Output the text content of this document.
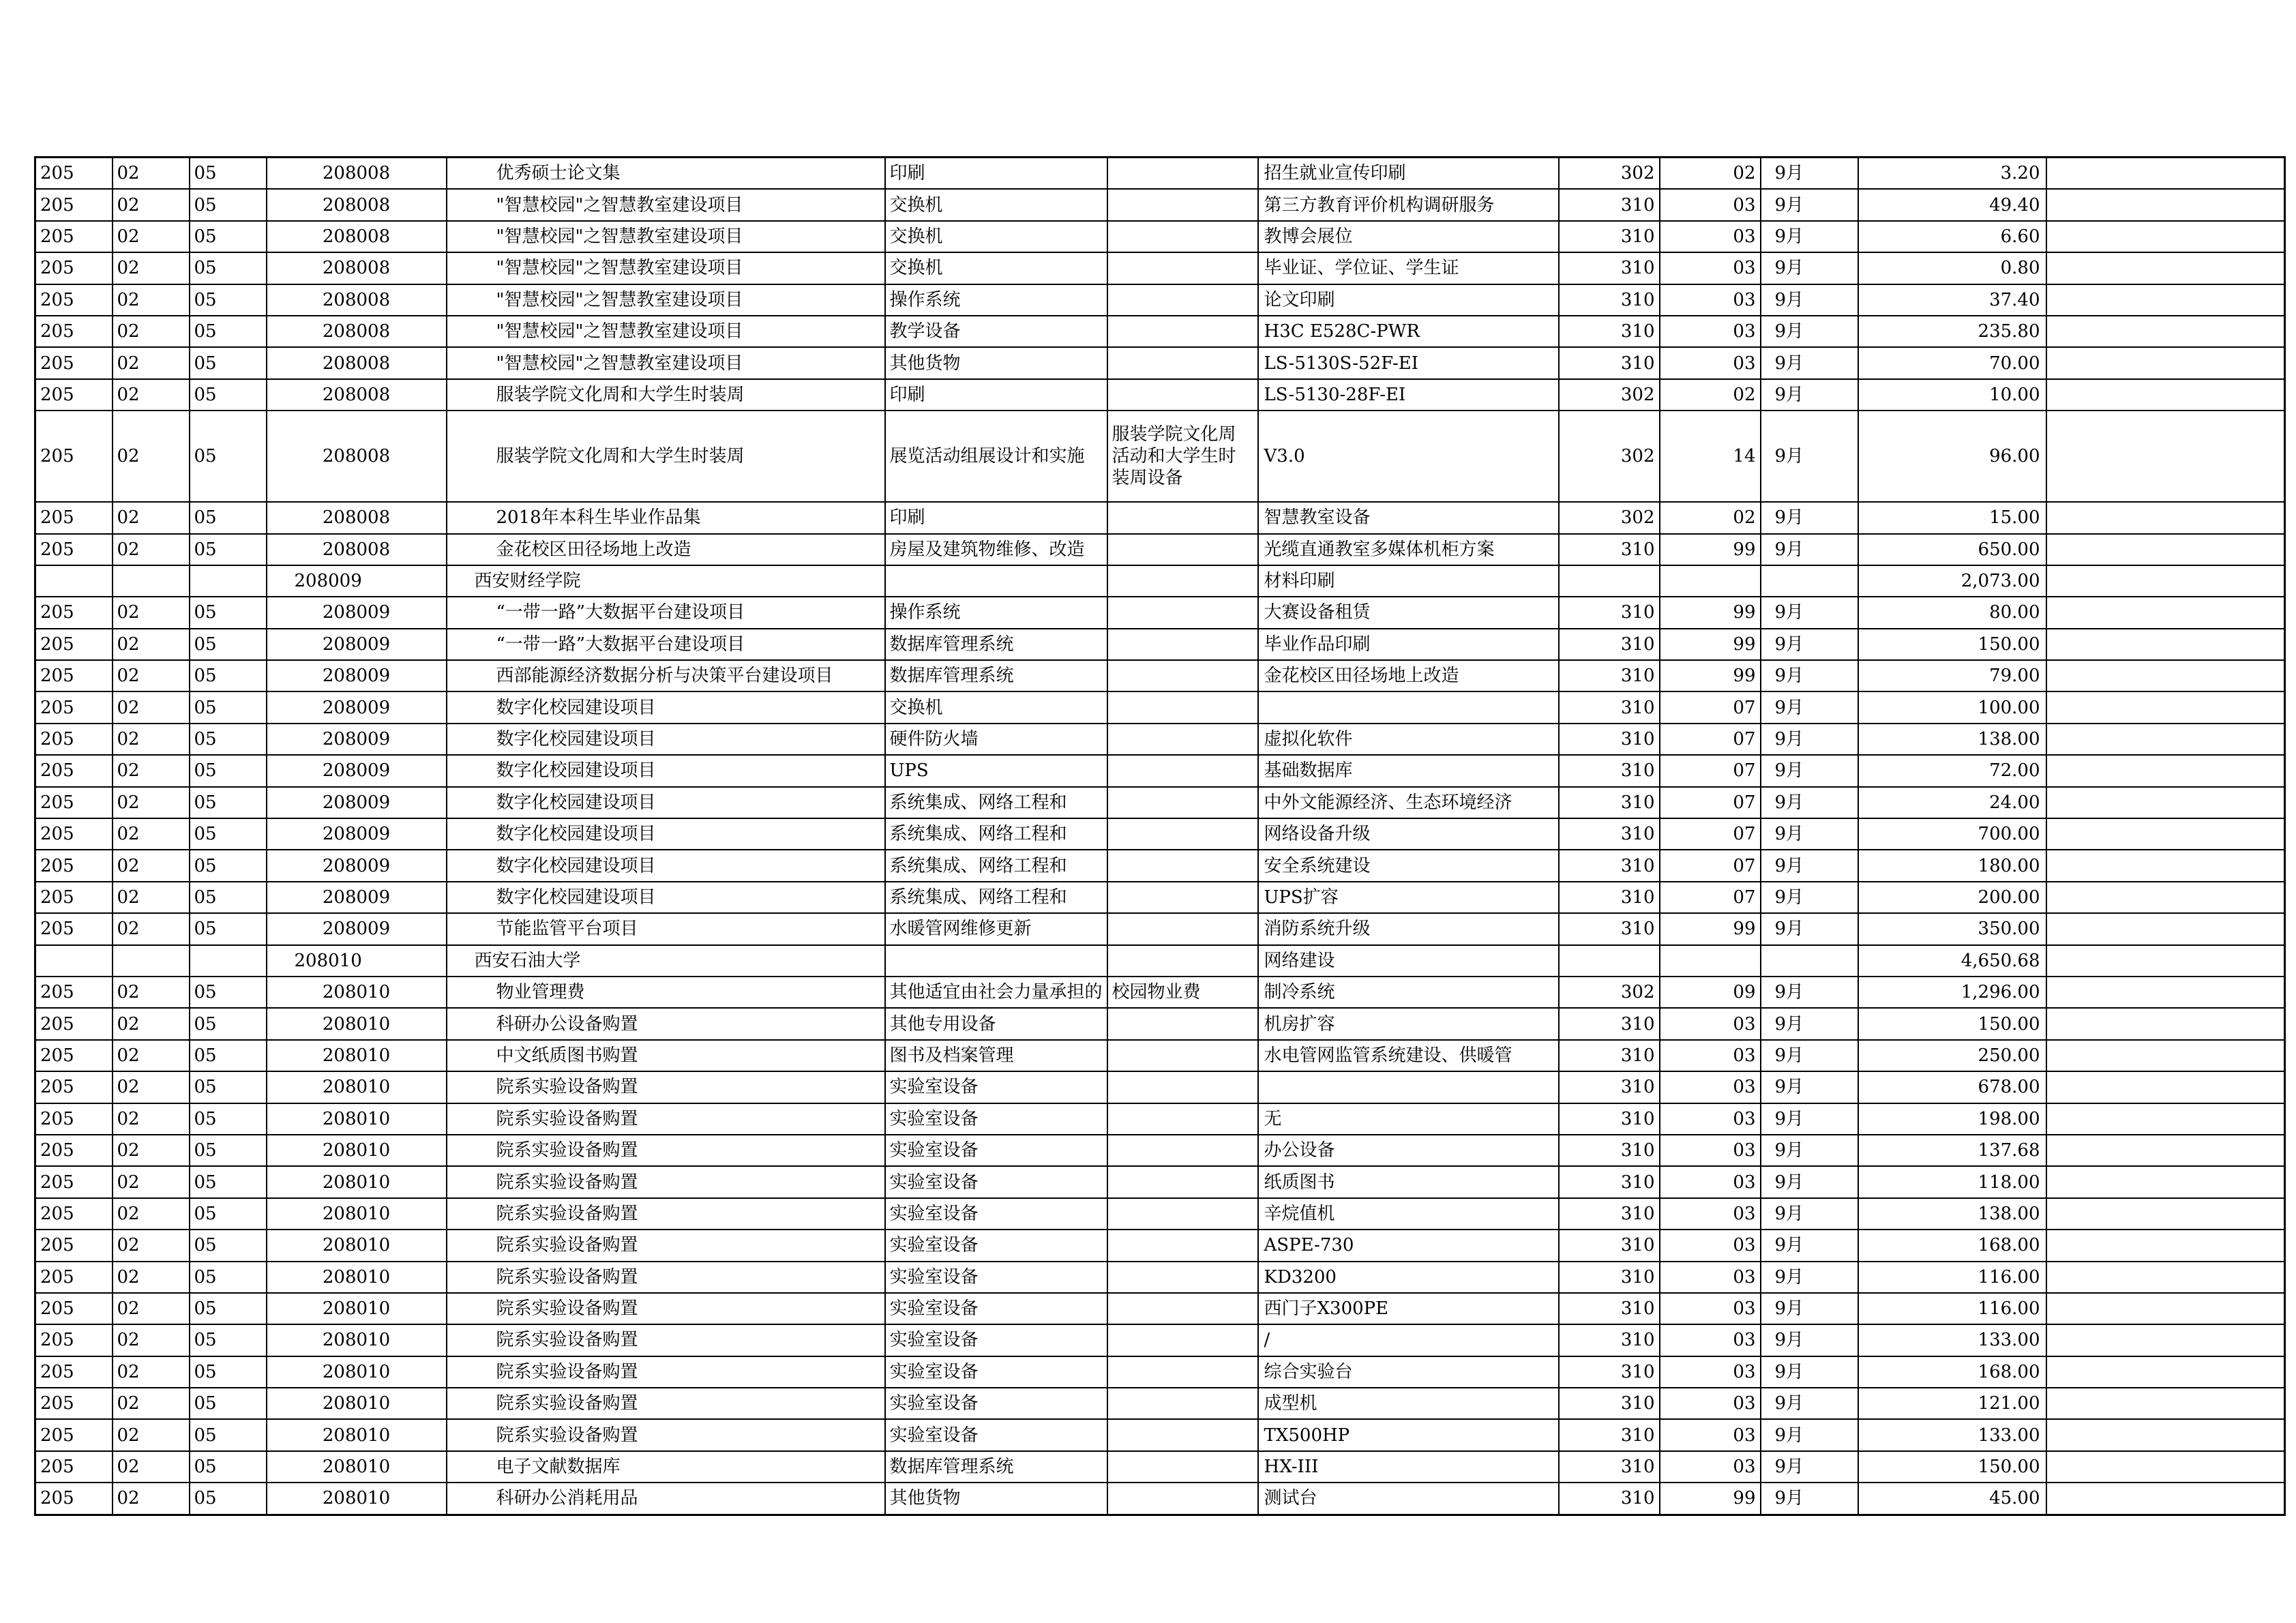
205	02	05	208008	优秀硕士论文集	印刷		招生就业宣传印刷	302	02	9月	3.20	
205	02	05	208008	"智慧校园"之智慧教室建设项目	交换机		第三方教育评价机构调研服务	310	03	9月	49.40	
205	02	05	208008	"智慧校园"之智慧教室建设项目	交换机		教博会展位	310	03	9月	6.60	
205	02	05	208008	"智慧校园"之智慧教室建设项目	交换机		毕业证、学位证、学生证	310	03	9月	0.80	
205	02	05	208008	"智慧校园"之智慧教室建设项目	操作系统		论文印刷	310	03	9月	37.40	
205	02	05	208008	"智慧校园"之智慧教室建设项目	教学设备		H3C E528C-PWR	310	03	9月	235.80	
205	02	05	208008	"智慧校园"之智慧教室建设项目	其他货物		LS-5130S-52F-EI	310	03	9月	70.00	
205	02	05	208008	服装学院文化周和大学生时装周	印刷		LS-5130-28F-EI	302	02	9月	10.00	
205	02	05	208008	服装学院文化周和大学生时装周	展览活动组展设计和实施	服装学院文化周活动和大学生时装周设备	V3.0	302	14	9月	96.00	
205	02	05	208008	2018年本科生毕业作品集	印刷		智慧教室设备	302	02	9月	15.00	
205	02	05	208008	金花校区田径场地上改造	房屋及建筑物维修、改造		光缆直通教室多媒体机柜方案	310	99	9月	650.00	
			208009	西安财经学院			材料印刷				2,073.00	
205	02	05	208009	“一带一路”大数据平台建设项目	操作系统		大赛设备租赁	310	99	9月	80.00	
205	02	05	208009	“一带一路”大数据平台建设项目	数据库管理系统		毕业作品印刷	310	99	9月	150.00	
205	02	05	208009	西部能源经济数据分析与决策平台建设项目	数据库管理系统		金花校区田径场地上改造	310	99	9月	79.00	
205	02	05	208009	数字化校园建设项目	交换机			310	07	9月	100.00	
205	02	05	208009	数字化校园建设项目	硬件防火墙		虚拟化软件	310	07	9月	138.00	
205	02	05	208009	数字化校园建设项目	UPS		基础数据库	310	07	9月	72.00	
205	02	05	208009	数字化校园建设项目	系统集成、网络工程和		中外文能源经济、生态环境经济	310	07	9月	24.00	
205	02	05	208009	数字化校园建设项目	系统集成、网络工程和		网络设备升级	310	07	9月	700.00	
205	02	05	208009	数字化校园建设项目	系统集成、网络工程和		安全系统建设	310	07	9月	180.00	
205	02	05	208009	数字化校园建设项目	系统集成、网络工程和		UPS扩容	310	07	9月	200.00	
205	02	05	208009	节能监管平台项目	水暖管网维修更新		消防系统升级	310	99	9月	350.00	
			208010	西安石油大学			网络建设				4,650.68	
205	02	05	208010	物业管理费	其他适宜由社会力量承担的	校园物业费	制冷系统	302	09	9月	1,296.00	
205	02	05	208010	科研办公设备购置	其他专用设备		机房扩容	310	03	9月	150.00	
205	02	05	208010	中文纸质图书购置	图书及档案管理		水电管网监管系统建设、供暖管	310	03	9月	250.00	
205	02	05	208010	院系实验设备购置	实验室设备			310	03	9月	678.00	
205	02	05	208010	院系实验设备购置	实验室设备		无	310	03	9月	198.00	
205	02	05	208010	院系实验设备购置	实验室设备		办公设备	310	03	9月	137.68	
205	02	05	208010	院系实验设备购置	实验室设备		纸质图书	310	03	9月	118.00	
205	02	05	208010	院系实验设备购置	实验室设备		辛烷值机	310	03	9月	138.00	
205	02	05	208010	院系实验设备购置	实验室设备		ASPE-730	310	03	9月	168.00	
205	02	05	208010	院系实验设备购置	实验室设备		KD3200	310	03	9月	116.00	
205	02	05	208010	院系实验设备购置	实验室设备		西门子X300PE	310	03	9月	116.00	
205	02	05	208010	院系实验设备购置	实验室设备		/	310	03	9月	133.00	
205	02	05	208010	院系实验设备购置	实验室设备		综合实验台	310	03	9月	168.00	
205	02	05	208010	院系实验设备购置	实验室设备		成型机	310	03	9月	121.00	
205	02	05	208010	院系实验设备购置	实验室设备		TX500HP	310	03	9月	133.00	
205	02	05	208010	电子文献数据库	数据库管理系统		HX-III	310	03	9月	150.00	
205	02	05	208010	科研办公消耗用品	其他货物		测试台	310	99	9月	45.00	
